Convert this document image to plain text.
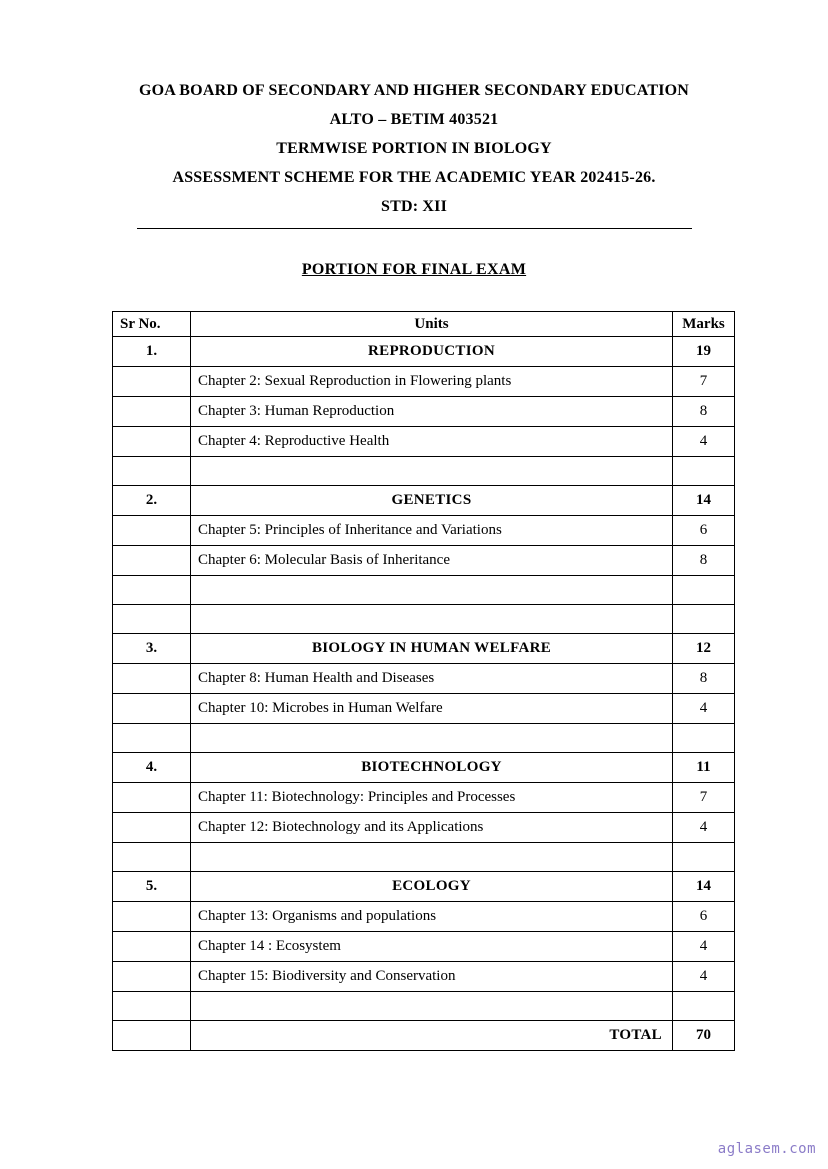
GOA BOARD OF SECONDARY AND HIGHER SECONDARY EDUCATION
ALTO – BETIM 403521
TERMWISE PORTION IN BIOLOGY
ASSESSMENT SCHEME FOR THE ACADEMIC YEAR 202415-26.
STD: XII
PORTION FOR FINAL EXAM
Sr No.	Units	Marks
1.	REPRODUCTION	19
	Chapter 2: Sexual Reproduction in Flowering plants	7
	Chapter 3: Human Reproduction	8
	Chapter 4: Reproductive Health	4

2.	GENETICS	14
	Chapter 5: Principles of Inheritance and Variations	6
	Chapter 6: Molecular Basis of Inheritance	8

3.	BIOLOGY IN HUMAN WELFARE	12
	Chapter 8: Human Health and Diseases	8
	Chapter 10: Microbes in Human Welfare	4

4.	BIOTECHNOLOGY	11
	Chapter 11: Biotechnology: Principles and Processes	7
	Chapter 12: Biotechnology and its Applications	4

5.	ECOLOGY	14
	Chapter 13: Organisms and populations	6
	Chapter 14 : Ecosystem	4
	Chapter 15: Biodiversity and Conservation	4

	TOTAL	70
aglasem.com
